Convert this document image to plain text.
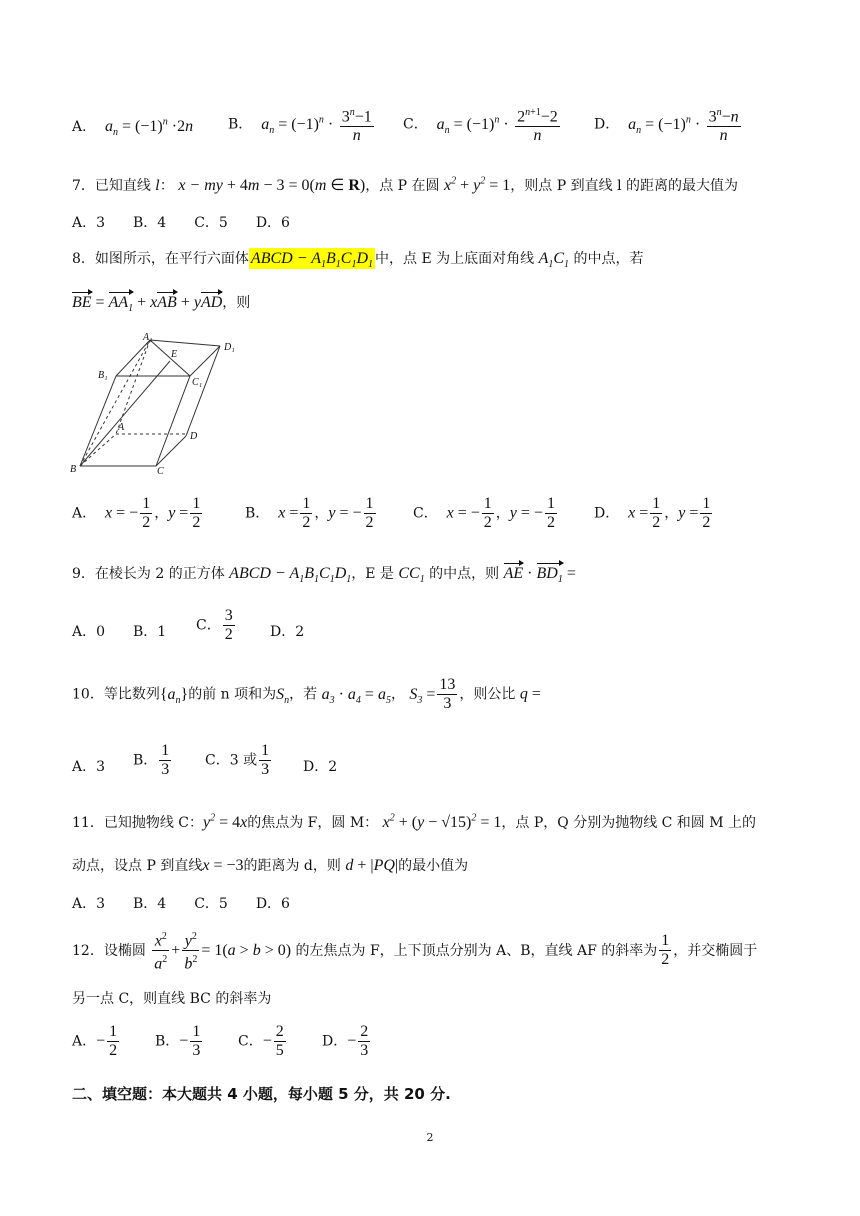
A． $a_n = (-1)^n \cdot 2n$ B． $a_n = (-1)^n \cdot \frac{3^n-1}{n}$ C． $a_n = (-1)^n \cdot \frac{2^{n+1}-2}{n}$ D． $a_n = (-1)^n \cdot \frac{3^n-n}{n}$
7．已知直线 l： x − my + 4m − 3 = 0(m ∈ R)，点 P 在圆 $x^2 + y^2 = 1$，则点 P 到直线 l 的距离的最大值为
A．3　　B．4　　C．5　　D．6
8．如图所示，在平行六面体 ABCD − $A_1B_1C_1D_1$ 中，点 E 为上底面对角线 $A_1C_1$ 的中点，若
BE = $AA_1$ + xAB + yAD，则
A₁
D₁
E
B₁
C₁
A
D
B	C
A． x = − $\frac{1}{2}$ ，$y = \frac{1}{2}$	B． $x = \frac{1}{2}$ ，y = − $\frac{1}{2}$	C． x = − $\frac{1}{2}$ ，y = − $\frac{1}{2}$	D． $x = \frac{1}{2}$ ，$y = \frac{1}{2}$
9．在棱长为 2 的正方体 ABCD − $A_1B_1C_1D_1$，E 是 $CC_1$ 的中点，则 AE · $BD_1$ =
A．0 B．1 C． $\frac{3}{2}$	D．2
10．等比数列$\{a_n\}$的前 n 项和为$S_n$，若 $a_3 \cdot a_4 = a_5$， $S_3 = \frac{13}{3}$ ，则公比 q =
A．3 B． $\frac{1}{3}$ C．3 或 $\frac{1}{3}$ D．2
11．已知抛物线 C：$y^2 = 4x$的焦点为 F，圆 M： $x^2 + (y - √15)^2 = 1$，点 P，Q 分别为抛物线 C 和圆 M 上的
动点，设点 P 到直线x = −3的距离为 d，则 d + |PQ|的最小值为
A．3　　B．4　　C．5　　D．6
12．设椭圆 $\frac{x^2}{a^2} + \frac{y^2}{b^2} = 1(a > b > 0)$ 的左焦点为 F，上下顶点分别为 A、B，直线 AF 的斜率为 $\frac{1}{2}$ ，并交椭圆于
另一点 C，则直线 BC 的斜率为
A．− $\frac{1}{2}$	B．− $\frac{1}{3}$	C．− $\frac{2}{5}$	D．− $\frac{2}{3}$
二、填空题：本大题共 4 小题，每小题 5 分，共 20 分.
2
